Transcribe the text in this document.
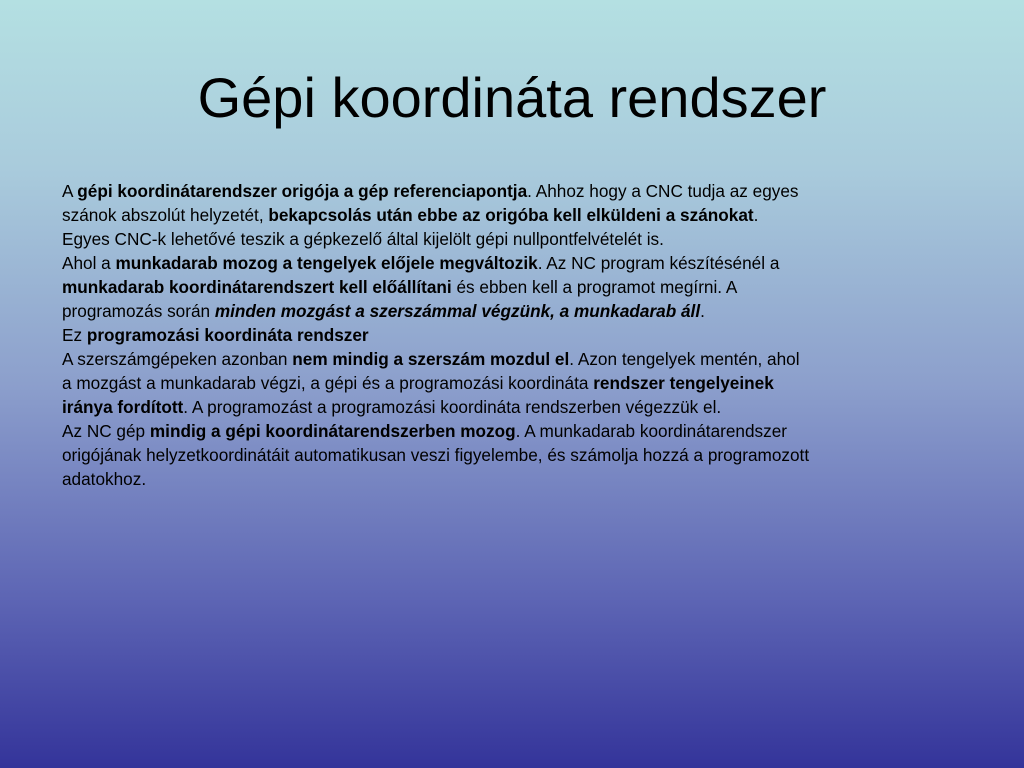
Gépi koordináta rendszer
A gépi koordinátarendszer origója a gép referenciapontja. Ahhoz hogy a CNC tudja az egyes
szánok abszolút helyzetét, bekapcsolás után ebbe az origóba kell elküldeni a szánokat.
Egyes CNC-k lehetővé teszik a gépkezelő által kijelölt gépi nullpontfelvételét is.
Ahol a munkadarab mozog a tengelyek előjele megváltozik. Az NC program készítésénél a
munkadarab koordinátarendszert kell előállítani és ebben kell a programot megírni. A
programozás során minden mozgást a szerszámmal végzünk, a munkadarab áll.
Ez programozási koordináta rendszer
A szerszámgépeken azonban nem mindig a szerszám mozdul el. Azon tengelyek mentén, ahol
a mozgást a munkadarab végzi, a gépi és a programozási koordináta rendszer tengelyeinek
iránya fordított. A programozást a programozási koordináta rendszerben végezzük el.
Az NC gép mindig a gépi koordinátarendszerben mozog. A munkadarab koordinátarendszer
origójának helyzetkoordinátáit automatikusan veszi figyelembe, és számolja hozzá a programozott
adatokhoz.
